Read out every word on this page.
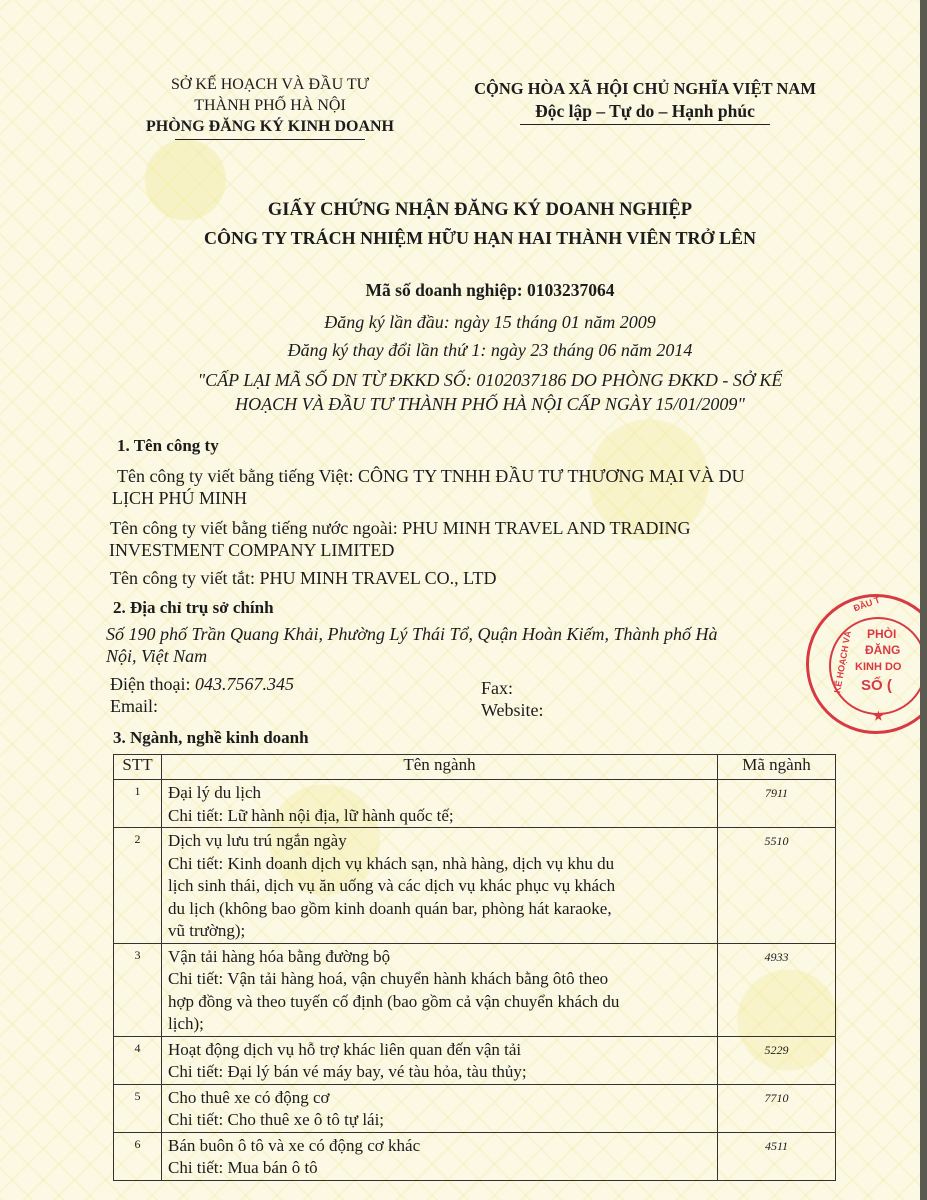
SỞ KẾ HOẠCH VÀ ĐẦU TƯ
THÀNH PHỐ HÀ NỘI
PHÒNG ĐĂNG KÝ KINH DOANH
CỘNG HÒA XÃ HỘI CHỦ NGHĨA VIỆT NAM
Độc lập – Tự do – Hạnh phúc
GIẤY CHỨNG NHẬN ĐĂNG KÝ DOANH NGHIỆP
CÔNG TY TRÁCH NHIỆM HỮU HẠN HAI THÀNH VIÊN TRỞ LÊN
Mã số doanh nghiệp: 0103237064
Đăng ký lần đầu: ngày 15 tháng 01 năm 2009
Đăng ký thay đổi lần thứ 1: ngày 23 tháng 06 năm 2014
"CẤP LẠI MÃ SỐ DN TỪ ĐKKD SỐ: 0102037186 DO PHÒNG ĐKKD - SỞ KẾ
HOẠCH VÀ ĐẦU TƯ THÀNH PHỐ HÀ NỘI CẤP NGÀY 15/01/2009"
1. Tên công ty
Tên công ty viết bằng tiếng Việt: CÔNG TY TNHH ĐẦU TƯ THƯƠNG MẠI VÀ DU
LỊCH PHÚ MINH
Tên công ty viết bằng tiếng nước ngoài: PHU MINH TRAVEL AND TRADING
INVESTMENT COMPANY LIMITED
Tên công ty viết tắt: PHU MINH TRAVEL CO., LTD
2. Địa chỉ trụ sở chính
Số 190 phố Trần Quang Khải, Phường Lý Thái Tổ, Quận Hoàn Kiếm, Thành phố Hà
Nội, Việt Nam
Điện thoại: 043.7567.345
Email:
Fax:
Website:
3. Ngành, nghề kinh doanh
STT	Tên ngành	Mã ngành
1	Đại lý du lịch
Chi tiết: Lữ hành nội địa, lữ hành quốc tế;	7911
2	Dịch vụ lưu trú ngắn ngày
Chi tiết: Kinh doanh dịch vụ khách sạn, nhà hàng, dịch vụ khu du
lịch sinh thái, dịch vụ ăn uống và các dịch vụ khác phục vụ khách
du lịch (không bao gồm kinh doanh quán bar, phòng hát karaoke,
vũ trường);	5510
3	Vận tải hàng hóa bằng đường bộ
Chi tiết: Vận tải hàng hoá, vận chuyển hành khách bằng ôtô theo
hợp đồng và theo tuyến cố định (bao gồm cả vận chuyển khách du
lịch);	4933
4	Hoạt động dịch vụ hỗ trợ khác liên quan đến vận tải
Chi tiết: Đại lý bán vé máy bay, vé tàu hỏa, tàu thủy;	5229
5	Cho thuê xe có động cơ
Chi tiết: Cho thuê xe ô tô tự lái;	7710
6	Bán buôn ô tô và xe có động cơ khác
Chi tiết: Mua bán ô tô	4511
ĐẦU T
KẾ HOẠCH VÀ PHÒI
ĐĂNG
KINH DO
SỐ (
★
